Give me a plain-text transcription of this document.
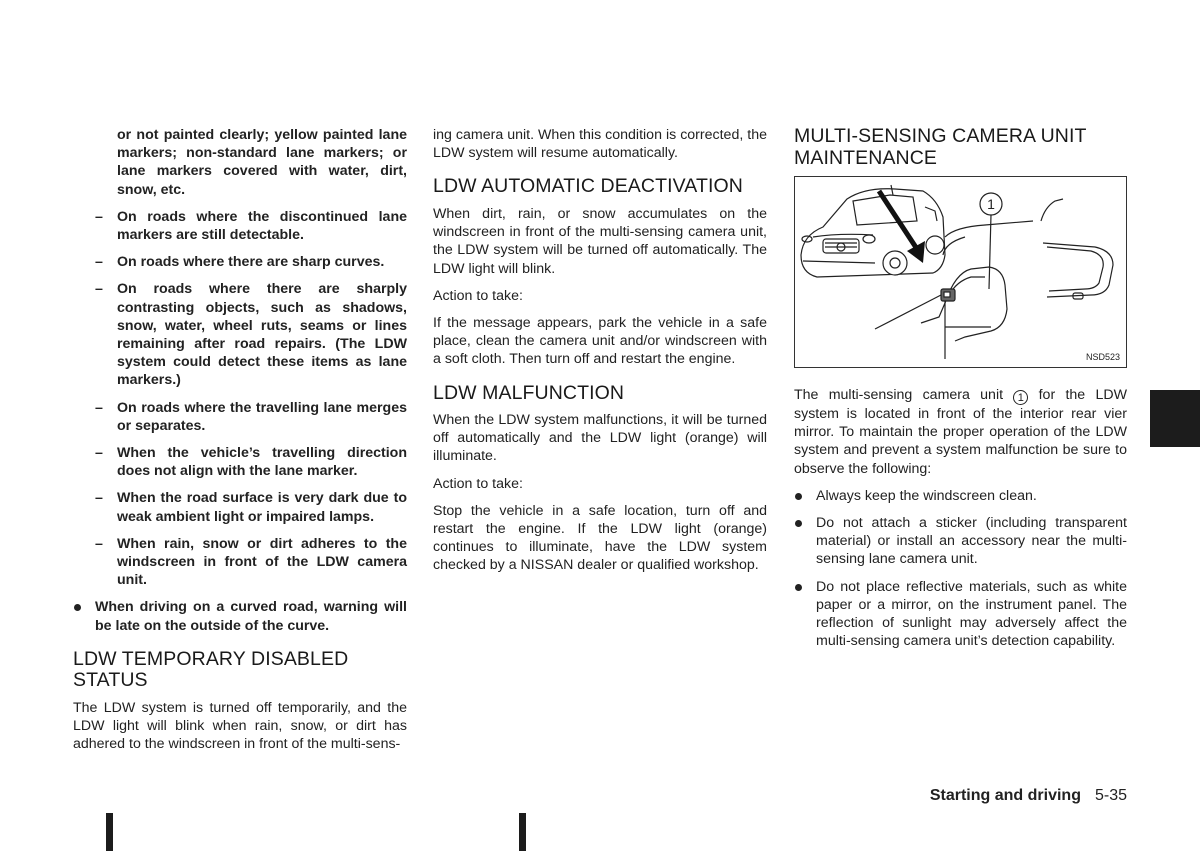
or not painted clearly; yellow painted lane markers; non-standard lane markers; or lane markers covered with water, dirt, snow, etc.
– On roads where the discontinued lane markers are still detectable.
– On roads where there are sharp curves.
– On roads where there are sharply contrasting objects, such as shadows, snow, water, wheel ruts, seams or lines remaining after road repairs. (The LDW system could detect these items as lane markers.)
– On roads where the travelling lane merges or separates.
– When the vehicle’s travelling direction does not align with the lane marker.
– When the road surface is very dark due to weak ambient light or impaired lamps.
– When rain, snow or dirt adheres to the windscreen in front of the LDW camera unit.
When driving on a curved road, warning will be late on the outside of the curve.
LDW TEMPORARY DISABLED STATUS

The LDW system is turned off temporarily, and the LDW light will blink when rain, snow, or dirt has adhered to the windscreen in front of the multi-sens-

ing camera unit. When this condition is corrected, the LDW system will resume automatically.

LDW AUTOMATIC DEACTIVATION

When dirt, rain, or snow accumulates on the windscreen in front of the multi-sensing camera unit, the LDW system will be turned off automatically. The LDW light will blink.

Action to take:

If the message appears, park the vehicle in a safe place, clean the camera unit and/or windscreen with a soft cloth. Then turn off and restart the engine.

LDW MALFUNCTION

When the LDW system malfunctions, it will be turned off automatically and the LDW light (orange) will illuminate.

Action to take:

Stop the vehicle in a safe location, turn off and restart the engine. If the LDW light (orange) continues to illuminate, have the LDW system checked by a NISSAN dealer or qualified workshop.

MULTI-SENSING CAMERA UNIT MAINTENANCE
1
NSD523

The multi-sensing camera unit 1 for the LDW system is located in front of the interior rear vier mirror. To maintain the proper operation of the LDW system and prevent a system malfunction be sure to observe the following:

Always keep the windscreen clean.
Do not attach a sticker (including transparent material) or install an accessory near the multi-sensing lane camera unit.
Do not place reflective materials, such as white paper or a mirror, on the instrument panel. The reflection of sunlight may adversely affect the multi-sensing camera unit’s detection capability.
Starting and driving 5-35
